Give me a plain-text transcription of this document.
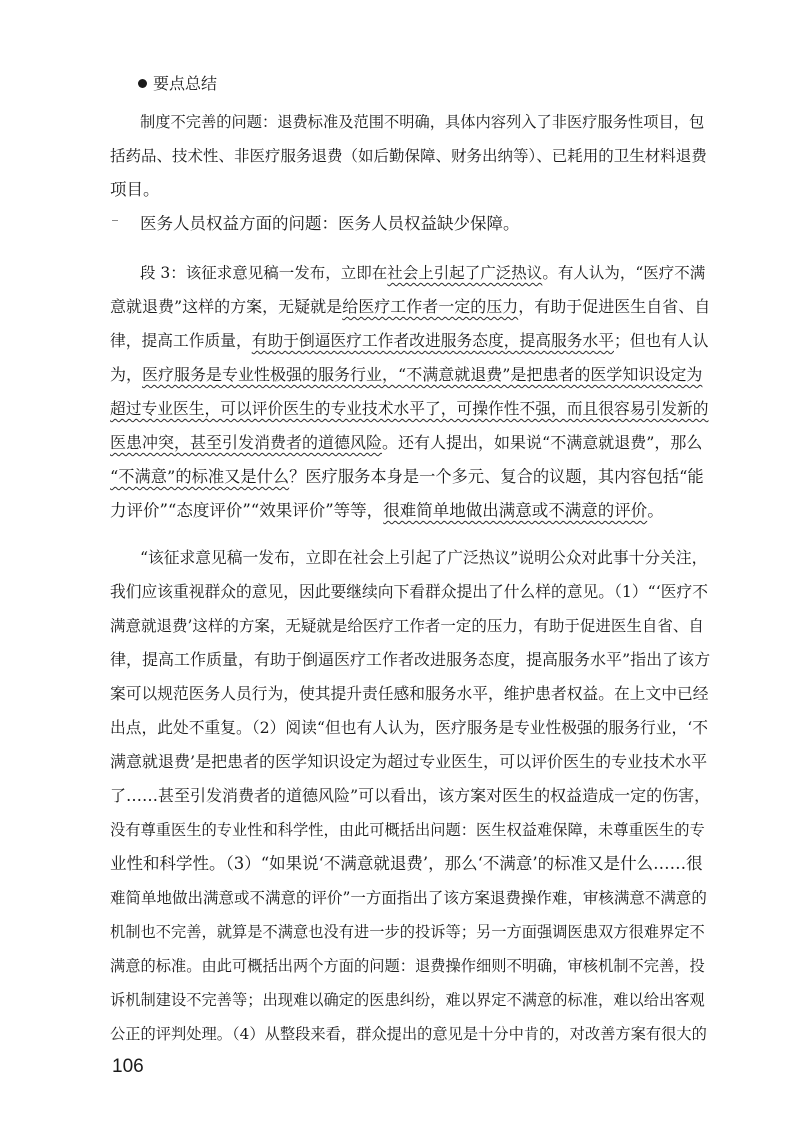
要点总结
制度不完善的问题：退费标准及范围不明确，具体内容列入了非医疗服务性项目，包
括药品、技术性、非医疗服务退费（如后勤保障、财务出纳等）、已耗用的卫生材料退费
项目。
医务人员权益方面的问题：医务人员权益缺少保障。
段 3：该征求意见稿一发布，立即在社会上引起了广泛热议。有人认为，“医疗不满
意就退费”这样的方案，无疑就是给医疗工作者一定的压力，有助于促进医生自省、自
律，提高工作质量，有助于倒逼医疗工作者改进服务态度，提高服务水平；但也有人认
为，医疗服务是专业性极强的服务行业，“不满意就退费”是把患者的医学知识设定为
超过专业医生，可以评价医生的专业技术水平了，可操作性不强，而且很容易引发新的
医患冲突，甚至引发消费者的道德风险。还有人提出，如果说“不满意就退费”，那么
“不满意”的标准又是什么？医疗服务本身是一个多元、复合的议题，其内容包括“能
力评价”“态度评价”“效果评价”等等，很难简单地做出满意或不满意的评价。
“该征求意见稿一发布，立即在社会上引起了广泛热议”说明公众对此事十分关注，
我们应该重视群众的意见，因此要继续向下看群众提出了什么样的意见。（1）“‘医疗不
满意就退费’这样的方案，无疑就是给医疗工作者一定的压力，有助于促进医生自省、自
律，提高工作质量，有助于倒逼医疗工作者改进服务态度，提高服务水平”指出了该方
案可以规范医务人员行为，使其提升责任感和服务水平，维护患者权益。在上文中已经
出点，此处不重复。（2）阅读“但也有人认为，医疗服务是专业性极强的服务行业，‘不
满意就退费’是把患者的医学知识设定为超过专业医生，可以评价医生的专业技术水平
了……甚至引发消费者的道德风险”可以看出，该方案对医生的权益造成一定的伤害，
没有尊重医生的专业性和科学性，由此可概括出问题：医生权益难保障，未尊重医生的专
业性和科学性。（3）“如果说‘不满意就退费’，那么‘不满意’的标准又是什么……很
难简单地做出满意或不满意的评价”一方面指出了该方案退费操作难，审核满意不满意的
机制也不完善，就算是不满意也没有进一步的投诉等；另一方面强调医患双方很难界定不
满意的标准。由此可概括出两个方面的问题：退费操作细则不明确，审核机制不完善，投
诉机制建设不完善等；出现难以确定的医患纠纷，难以界定不满意的标准，难以给出客观
公正的评判处理。（4）从整段来看，群众提出的意见是十分中肯的，对改善方案有很大的
106
